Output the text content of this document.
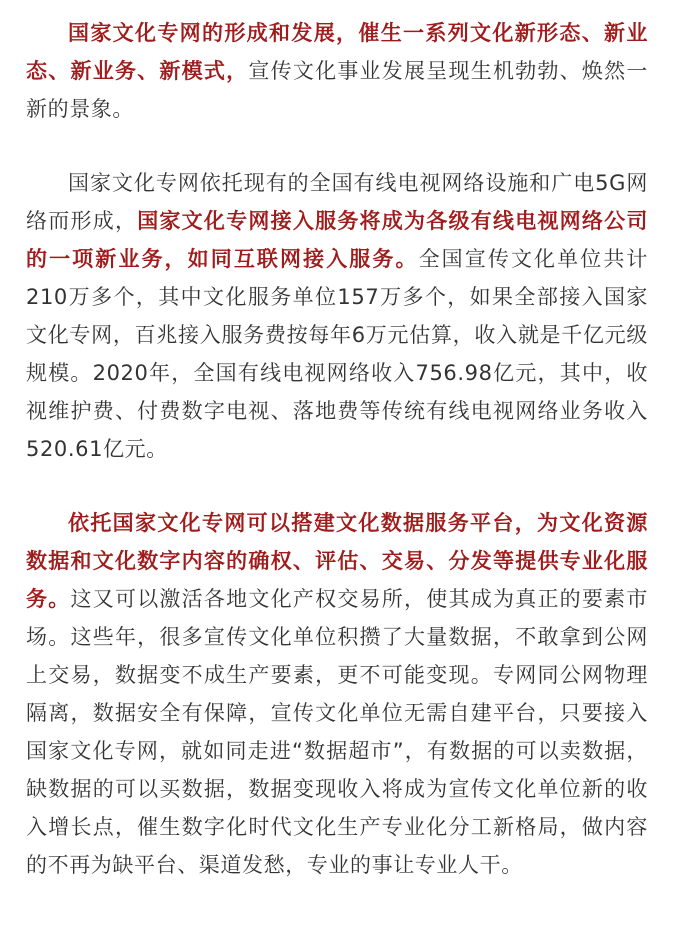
国家文化专网的形成和发展，催生一系列文化新形态、新业态、新业务、新模式，宣传文化事业发展呈现生机勃勃、焕然一新的景象。

国家文化专网依托现有的全国有线电视网络设施和广电5G网络而形成，国家文化专网接入服务将成为各级有线电视网络公司的一项新业务，如同互联网接入服务。全国宣传文化单位共计210万多个，其中文化服务单位157万多个，如果全部接入国家文化专网，百兆接入服务费按每年6万元估算，收入就是千亿元级规模。2020年，全国有线电视网络收入756.98亿元，其中，收视维护费、付费数字电视、落地费等传统有线电视网络业务收入520.61亿元。

依托国家文化专网可以搭建文化数据服务平台，为文化资源数据和文化数字内容的确权、评估、交易、分发等提供专业化服务。这又可以激活各地文化产权交易所，使其成为真正的要素市场。这些年，很多宣传文化单位积攒了大量数据，不敢拿到公网上交易，数据变不成生产要素，更不可能变现。专网同公网物理隔离，数据安全有保障，宣传文化单位无需自建平台，只要接入国家文化专网，就如同走进“数据超市”，有数据的可以卖数据，缺数据的可以买数据，数据变现收入将成为宣传文化单位新的收入增长点，催生数字化时代文化生产专业化分工新格局，做内容的不再为缺平台、渠道发愁，专业的事让专业人干。
